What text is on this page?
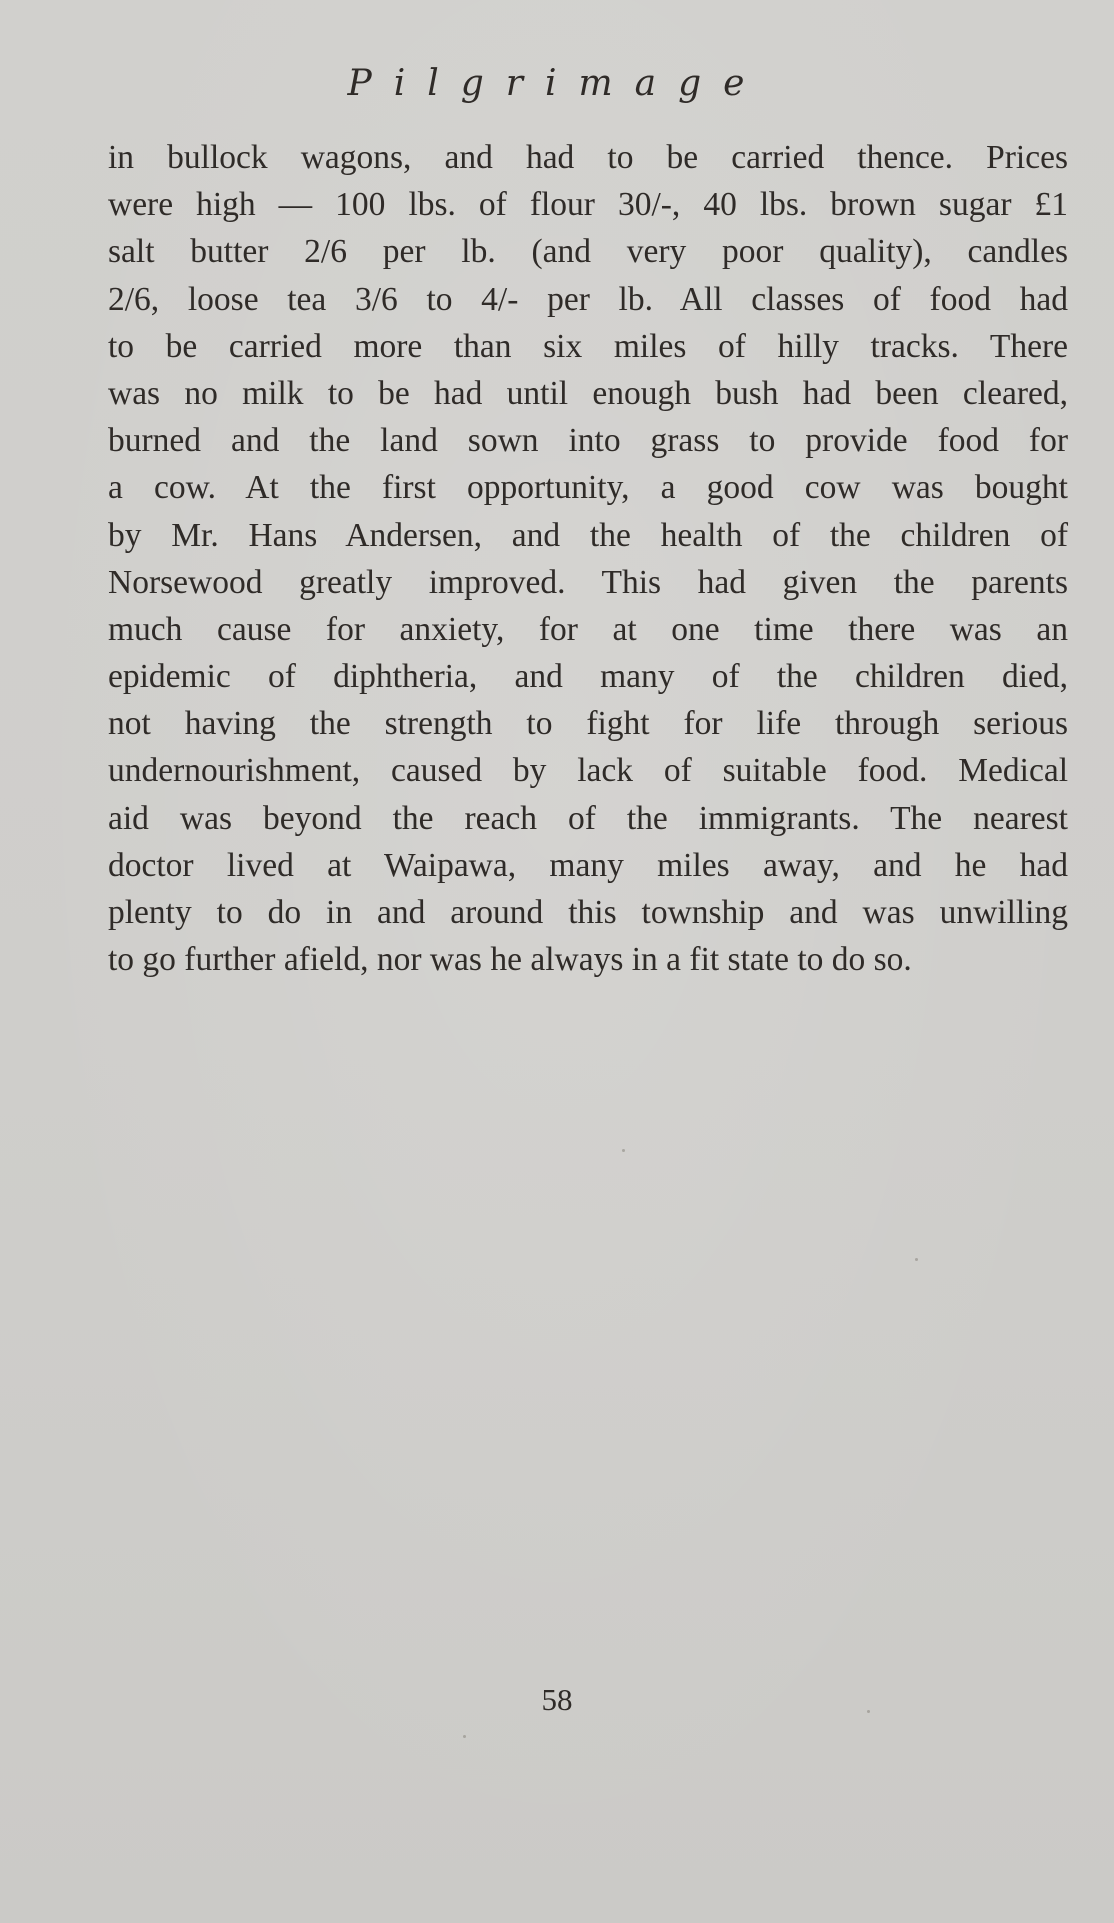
Pilgrimage
in bullock wagons, and had to be carried thence. Prices
were high — 100 lbs. of flour 30/-, 40 lbs. brown sugar £1
salt butter 2/6 per lb. (and very poor quality), candles
2/6, loose tea 3/6 to 4/- per lb. All classes of food had
to be carried more than six miles of hilly tracks. There
was no milk to be had until enough bush had been cleared,
burned and the land sown into grass to provide food for
a cow. At the first opportunity, a good cow was bought
by Mr. Hans Andersen, and the health of the children of
Norsewood greatly improved. This had given the parents
much cause for anxiety, for at one time there was an
epidemic of diphtheria, and many of the children died,
not having the strength to fight for life through serious
undernourishment, caused by lack of suitable food. Medical
aid was beyond the reach of the immigrants. The nearest
doctor lived at Waipawa, many miles away, and he had
plenty to do in and around this township and was unwilling
to go further afield, nor was he always in a fit state to do so.
58
